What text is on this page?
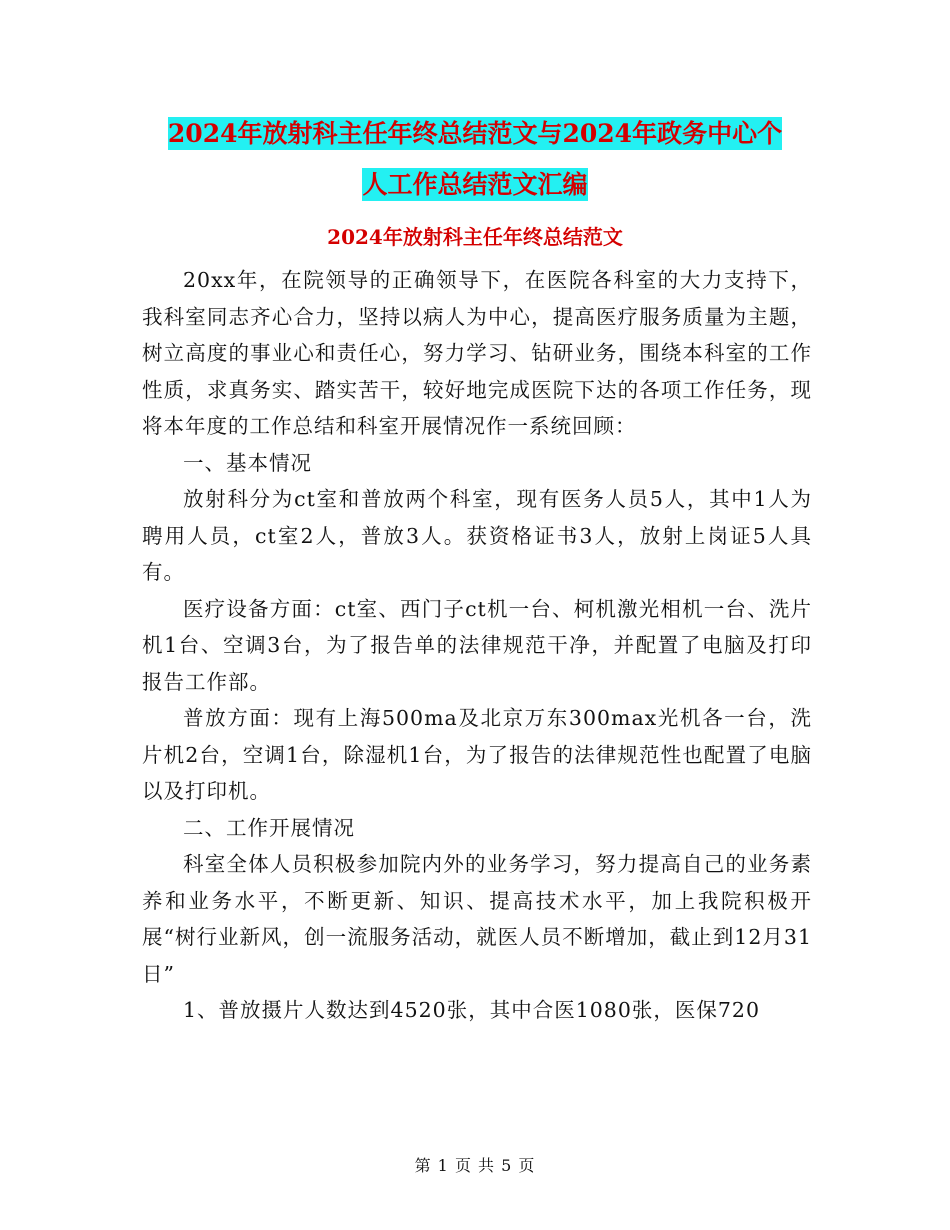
2024年放射科主任年终总结范文与2024年政务中心个
人工作总结范文汇编
2024年放射科主任年终总结范文

20xx年，在院领导的正确领导下，在医院各科室的大力支持下，我科室同志齐心合力，坚持以病人为中心，提高医疗服务质量为主题，树立高度的事业心和责任心，努力学习、钻研业务，围绕本科室的工作性质，求真务实、踏实苦干，较好地完成医院下达的各项工作任务，现将本年度的工作总结和科室开展情况作一系统回顾：

一、基本情况

放射科分为ct室和普放两个科室，现有医务人员5人，其中1人为聘用人员，ct室2人，普放3人。获资格证书3人，放射上岗证5人具有。

医疗设备方面：ct室、西门子ct机一台、柯机激光相机一台、洗片机1台、空调3台，为了报告单的法律规范干净，并配置了电脑及打印报告工作部。

普放方面：现有上海500ma及北京万东300max光机各一台，洗片机2台，空调1台，除湿机1台，为了报告的法律规范性也配置了电脑以及打印机。

二、工作开展情况

科室全体人员积极参加院内外的业务学习，努力提高自己的业务素养和业务水平，不断更新、知识、提高技术水平，加上我院积极开展“树行业新风，创一流服务活动，就医人员不断增加，截止到12月31日”

1、普放摄片人数达到4520张，其中合医1080张，医保720

第 1 页 共 5 页
